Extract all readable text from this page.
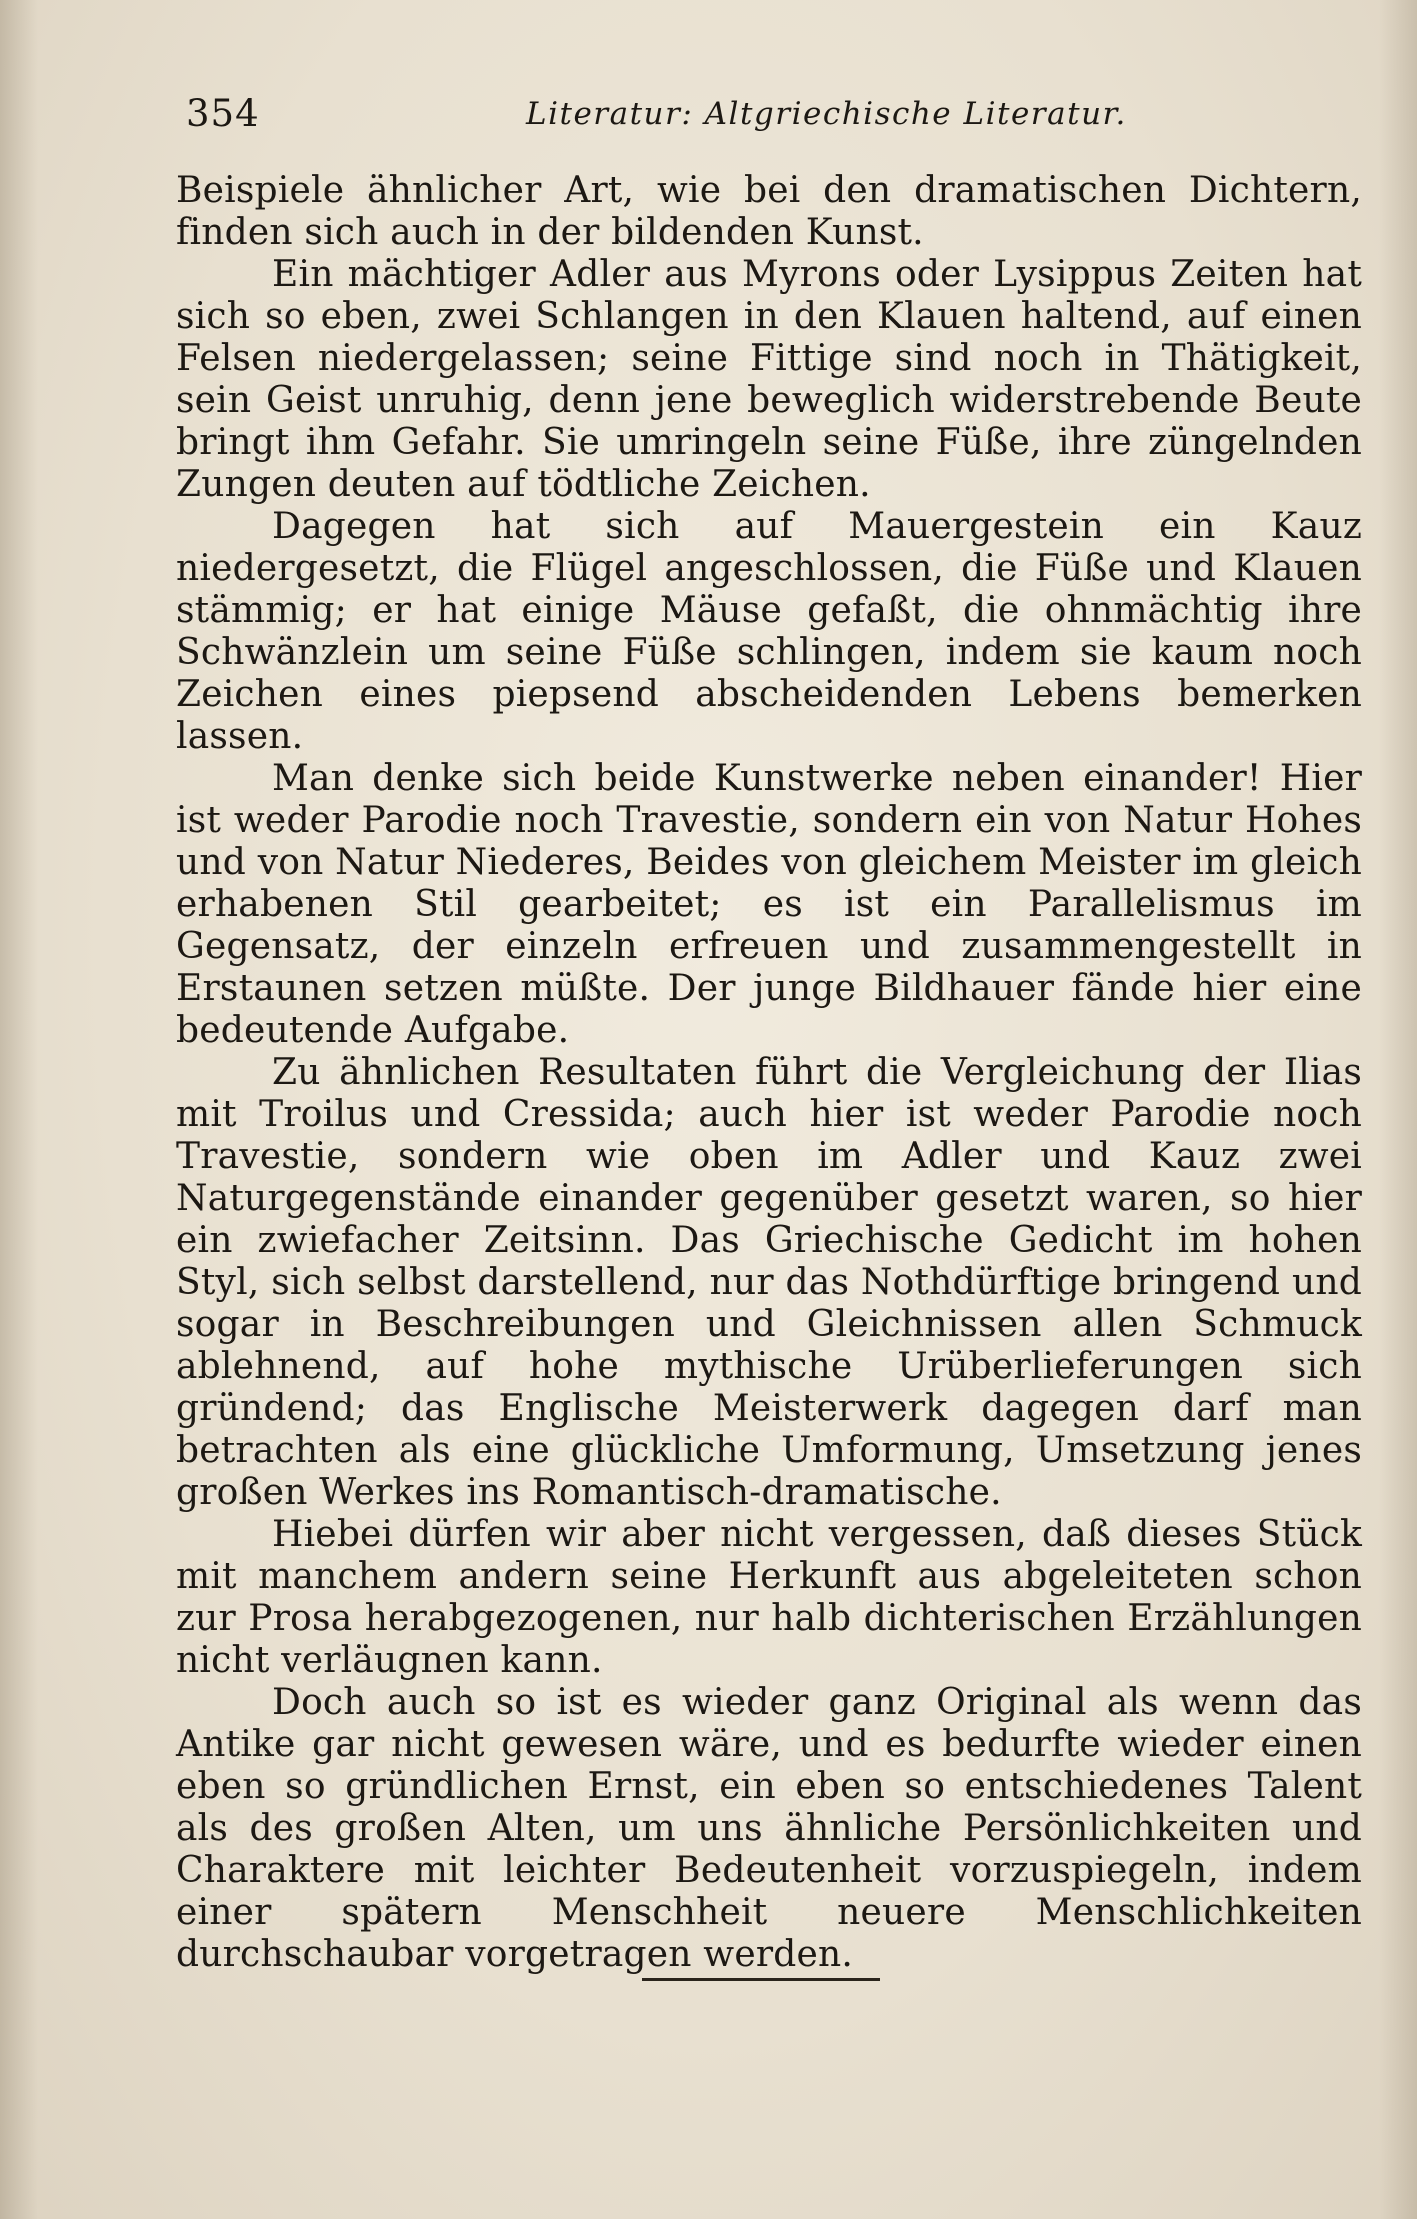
354	Literatur: Altgriechische Literatur.

Beispiele ähnlicher Art, wie bei den dramatischen Dichtern, finden sich auch in der bildenden Kunst.

Ein mächtiger Adler aus Myrons oder Lysippus Zeiten hat sich so eben, zwei Schlangen in den Klauen haltend, auf einen Felsen niedergelassen; seine Fittige sind noch in Thätigkeit, sein Geist unruhig, denn jene beweglich widerstrebende Beute bringt ihm Gefahr. Sie umringeln seine Füße, ihre züngelnden Zungen deuten auf tödtliche Zeichen.

Dagegen hat sich auf Mauergestein ein Kauz niedergesetzt, die Flügel angeschlossen, die Füße und Klauen stämmig; er hat einige Mäuse gefaßt, die ohnmächtig ihre Schwänzlein um seine Füße schlingen, indem sie kaum noch Zeichen eines piepsend abscheidenden Lebens bemerken lassen.

Man denke sich beide Kunstwerke neben einander! Hier ist weder Parodie noch Travestie, sondern ein von Natur Hohes und von Natur Niederes, Beides von gleichem Meister im gleich erhabenen Stil gearbeitet; es ist ein Parallelismus im Gegensatz, der einzeln erfreuen und zusammengestellt in Erstaunen setzen müßte. Der junge Bildhauer fände hier eine bedeutende Aufgabe.

Zu ähnlichen Resultaten führt die Vergleichung der Ilias mit Troilus und Cressida; auch hier ist weder Parodie noch Travestie, sondern wie oben im Adler und Kauz zwei Naturgegenstände einander gegenüber gesetzt waren, so hier ein zwiefacher Zeitsinn. Das Griechische Gedicht im hohen Styl, sich selbst darstellend, nur das Nothdürftige bringend und sogar in Beschreibungen und Gleichnissen allen Schmuck ablehnend, auf hohe mythische Urüberlieferungen sich gründend; das Englische Meisterwerk dagegen darf man betrachten als eine glückliche Umformung, Umsetzung jenes großen Werkes ins Romantisch-dramatische.

Hiebei dürfen wir aber nicht vergessen, daß dieses Stück mit manchem andern seine Herkunft aus abgeleiteten schon zur Prosa herabgezogenen, nur halb dichterischen Erzählungen nicht verläugnen kann.

Doch auch so ist es wieder ganz Original als wenn das Antike gar nicht gewesen wäre, und es bedurfte wieder einen eben so gründlichen Ernst, ein eben so entschiedenes Talent als des großen Alten, um uns ähnliche Persönlichkeiten und Charaktere mit leichter Bedeutenheit vorzuspiegeln, indem einer spätern Menschheit neuere Menschlichkeiten durchschaubar vorgetragen werden.
